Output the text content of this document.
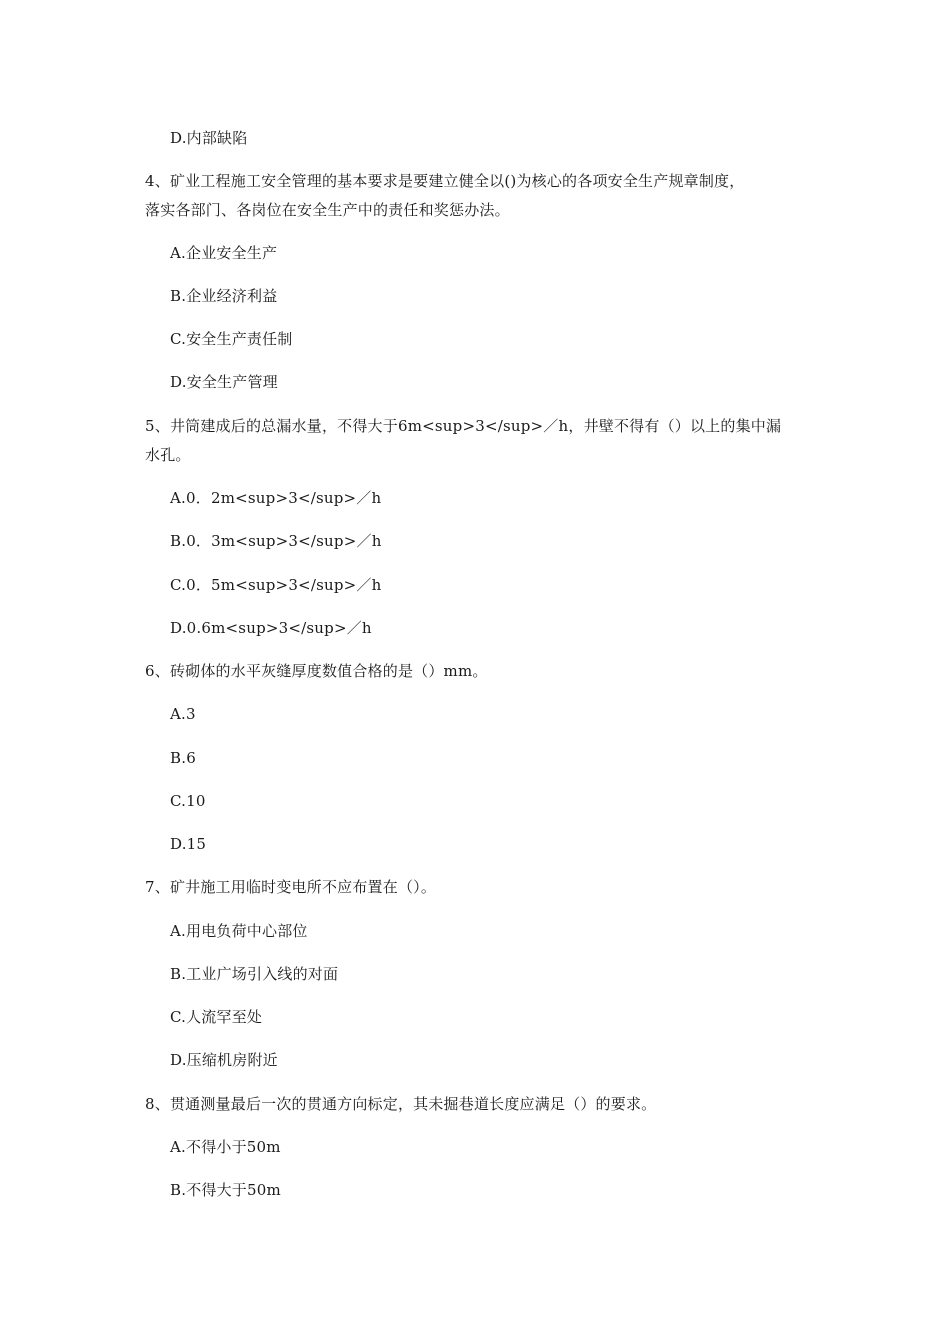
D.内部缺陷
4、矿业工程施工安全管理的基本要求是要建立健全以()为核心的各项安全生产规章制度，
落实各部门、各岗位在安全生产中的责任和奖惩办法。
A.企业安全生产
B.企业经济利益
C.安全生产责任制
D.安全生产管理
5、井筒建成后的总漏水量，不得大于6m<sup>3</sup>／h，井壁不得有（）以上的集中漏
水孔。
A.0．2m<sup>3</sup>／h
B.0．3m<sup>3</sup>／h
C.0．5m<sup>3</sup>／h
D.0.6m<sup>3</sup>／h
6、砖砌体的水平灰缝厚度数值合格的是（）mm。
A.3
B.6
C.10
D.15
7、矿井施工用临时变电所不应布置在（）。
A.用电负荷中心部位
B.工业广场引入线的对面
C.人流罕至处
D.压缩机房附近
8、贯通测量最后一次的贯通方向标定，其未掘巷道长度应满足（）的要求。
A.不得小于50m
B.不得大于50m
